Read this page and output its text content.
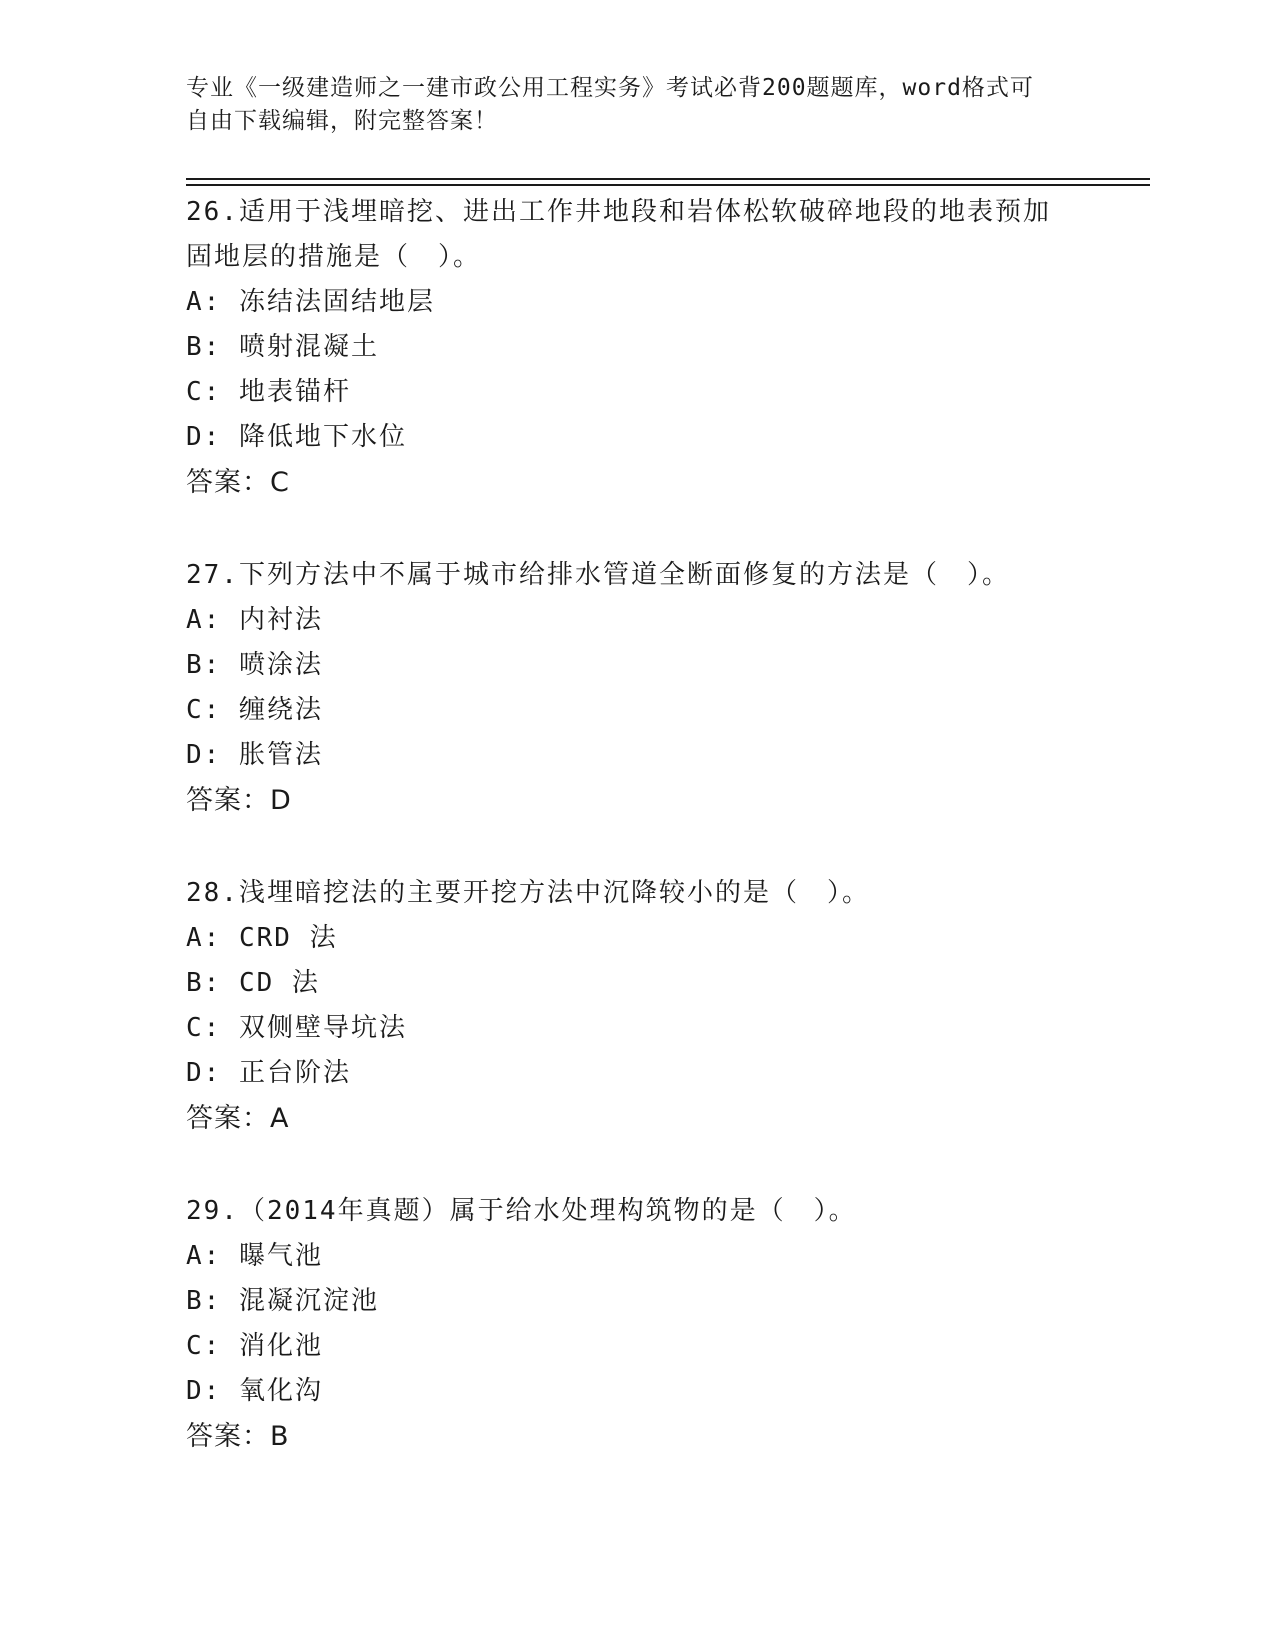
专业《一级建造师之一建市政公用工程实务》考试必背200题题库，word格式可
自由下载编辑，附完整答案！

26.适用于浅埋暗挖、进出工作井地段和岩体松软破碎地段的地表预加

固地层的措施是（　）。

A: 冻结法固结地层

B: 喷射混凝土

C: 地表锚杆

D: 降低地下水位

答案：C

27.下列方法中不属于城市给排水管道全断面修复的方法是（　）。

A: 内衬法

B: 喷涂法

C: 缠绕法

D: 胀管法

答案：D

28.浅埋暗挖法的主要开挖方法中沉降较小的是（　）。

A: CRD 法

B: CD 法

C: 双侧壁导坑法

D: 正台阶法

答案：A

29.（2014年真题）属于给水处理构筑物的是（　）。

A: 曝气池

B: 混凝沉淀池

C: 消化池

D: 氧化沟

答案：B
